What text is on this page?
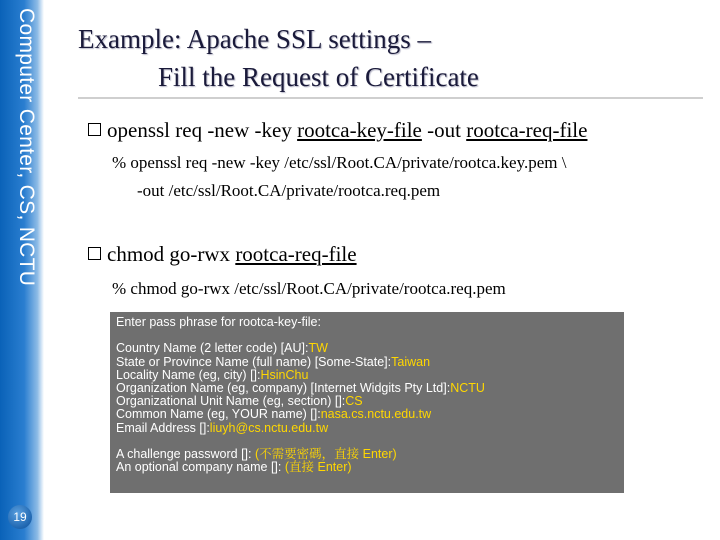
Computer Center, CS, NCTU
19
Example: Apache SSL settings –
Fill the Request of Certificate
openssl req -new -key rootca-key-file -out rootca-req-file
% openssl req -new -key /etc/ssl/Root.CA/private/rootca.key.pem \
-out /etc/ssl/Root.CA/private/rootca.req.pem
chmod go-rwx rootca-req-file
% chmod go-rwx /etc/ssl/Root.CA/private/rootca.req.pem
Enter pass phrase for rootca-key-file:
Country Name (2 letter code) [AU]:TW
State or Province Name (full name) [Some-State]:Taiwan
Locality Name (eg, city) []:HsinChu
Organization Name (eg, company) [Internet Widgits Pty Ltd]:NCTU
Organizational Unit Name (eg, section) []:CS
Common Name (eg, YOUR name) []:nasa.cs.nctu.edu.tw
Email Address []:liuyh@cs.nctu.edu.tw
A challenge password []: (不需要密碼，直接 Enter)
An optional company name []: (直接 Enter)
